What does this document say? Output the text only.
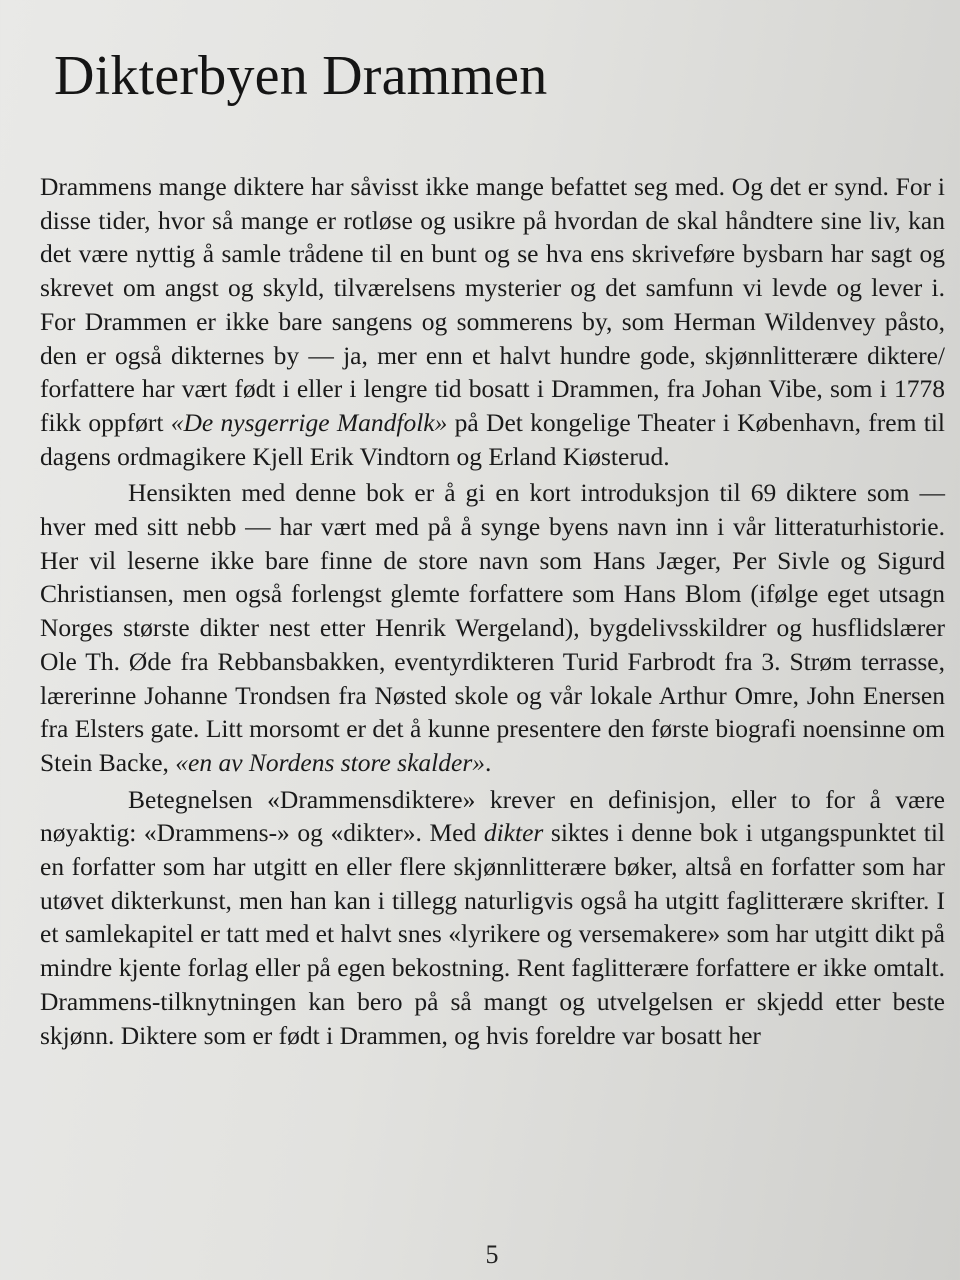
Dikterbyen Drammen

Drammens mange diktere har såvisst ikke mange befattet seg med. Og det er synd. For i disse tider, hvor så mange er rotløse og usikre på hvordan de skal håndtere sine liv, kan det være nyttig å samle trådene til en bunt og se hva ens skriveføre bysbarn har sagt og skrevet om angst og skyld, tilværelsens mysterier og det samfunn vi levde og lever i. For Drammen er ikke bare sangens og sommerens by, som Herman Wildenvey påsto, den er også dikternes by — ja, mer enn et halvt hundre gode, skjønnlitterære diktere/ forfattere har vært født i eller i lengre tid bosatt i Drammen, fra Johan Vibe, som i 1778 fikk oppført «De nysgerrige Mandfolk» på Det kongelige Theater i København, frem til dagens ordmagikere Kjell Erik Vindtorn og Erland Kiøsterud.

Hensikten med denne bok er å gi en kort introduksjon til 69 diktere som — hver med sitt nebb — har vært med på å synge byens navn inn i vår litteraturhistorie. Her vil leserne ikke bare finne de store navn som Hans Jæger, Per Sivle og Sigurd Christiansen, men også forlengst glemte forfattere som Hans Blom (ifølge eget utsagn Norges største dikter nest etter Henrik Wergeland), bygdelivsskildrer og husflidslærer Ole Th. Øde fra Rebbansbakken, eventyrdikteren Turid Farbrodt fra 3. Strøm terrasse, lærerinne Johanne Trondsen fra Nøsted skole og vår lokale Arthur Omre, John Enersen fra Elsters gate. Litt morsomt er det å kunne presentere den første biografi noensinne om Stein Backe, «en av Nordens store skalder».

Betegnelsen «Drammensdiktere» krever en definisjon, eller to for å være nøyaktig: «Drammens-» og «dikter». Med dikter siktes i denne bok i utgangspunktet til en forfatter som har utgitt en eller flere skjønnlitterære bøker, altså en forfatter som har utøvet dikterkunst, men han kan i tillegg naturligvis også ha utgitt faglitterære skrifter. I et samlekapitel er tatt med et halvt snes «lyrikere og versemakere» som har utgitt dikt på mindre kjente forlag eller på egen bekostning. Rent faglitterære forfattere er ikke omtalt. Drammens-tilknytningen kan bero på så mangt og utvelgelsen er skjedd etter beste skjønn. Diktere som er født i Drammen, og hvis foreldre var bosatt her

5
